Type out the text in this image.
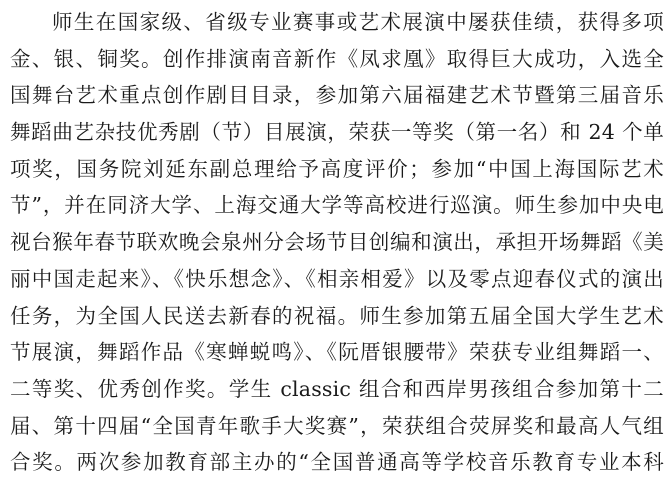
师生在国家级、省级专业赛事或艺术展演中屡获佳绩，获得多项
金、银、铜奖。创作排演南音新作《凤求凰》取得巨大成功，入选全
国舞台艺术重点创作剧目目录，参加第六届福建艺术节暨第三届音乐
舞蹈曲艺杂技优秀剧（节）目展演，荣获一等奖（第一名）和 24 个单
项奖，国务院刘延东副总理给予高度评价；参加“中国上海国际艺术
节”，并在同济大学、上海交通大学等高校进行巡演。师生参加中央电
视台猴年春节联欢晚会泉州分会场节目创编和演出，承担开场舞蹈《美
丽中国走起来》、《快乐想念》、《相亲相爱》以及零点迎春仪式的演出
任务，为全国人民送去新春的祝福。师生参加第五届全国大学生艺术
节展演，舞蹈作品《寒蝉蜕鸣》、《阮厝银腰带》荣获专业组舞蹈一、
二等奖、优秀创作奖。学生 classic 组合和西岸男孩组合参加第十二
届、第十四届“全国青年歌手大奖赛”，荣获组合荧屏奖和最高人气组
合奖。两次参加教育部主办的“全国普通高等学校音乐教育专业本科
